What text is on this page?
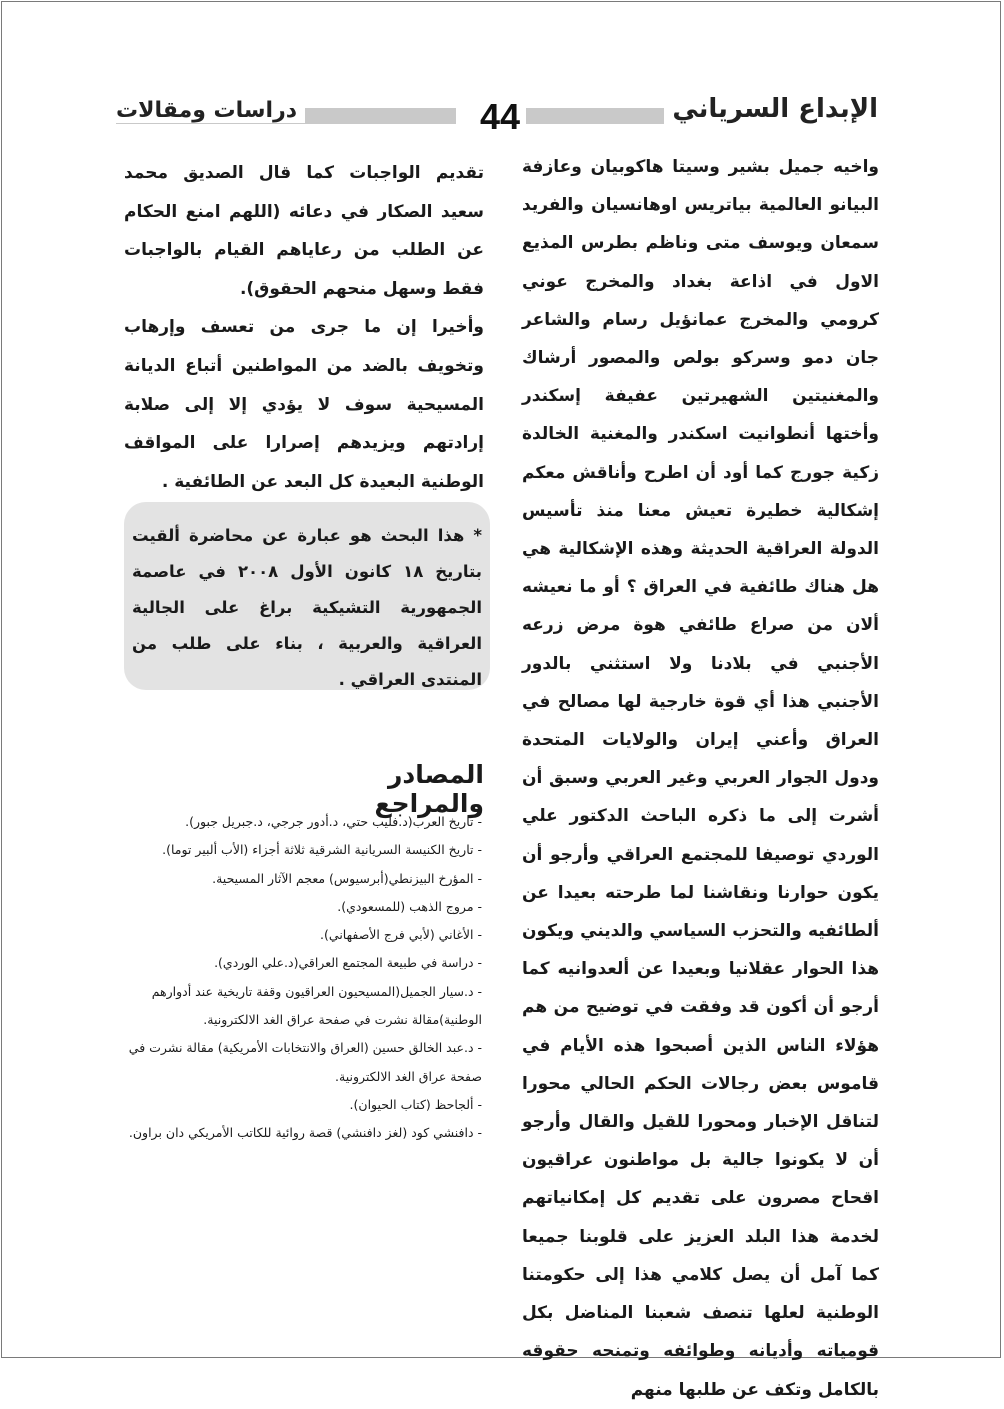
الإبداع السرياني
44
دراسات ومقالات

واخيه جميل بشير وسيتا هاكوبيان وعازفة البيانو العالمية بياتريس اوهانسيان والفريد سمعان ويوسف متى وناظم بطرس المذيع الاول في اذاعة بغداد والمخرج عوني كرومي والمخرج عمانؤيل رسام والشاعر جان دمو وسركو بولص والمصور أرشاك والمغنيتين الشهيرتين عفيفة إسكندر وأختها أنطوانيت اسكندر والمغنية الخالدة زكية جورج كما أود أن اطرح وأناقش معكم إشكالية خطيرة تعيش معنا منذ تأسيس الدولة العراقية الحديثة وهذه الإشكالية هي هل هناك طائفية في العراق ؟ أو ما نعيشه ألان من صراع طائفي هوة مرض زرعه الأجنبي في بلادنا ولا استثني بالدور الأجنبي هذا أي قوة خارجية لها مصالح في العراق وأعني إيران والولايات المتحدة ودول الجوار العربي وغير العربي وسبق أن أشرت إلى ما ذكره الباحث الدكتور علي الوردي توصيفا للمجتمع العراقي وأرجو أن يكون حوارنا ونقاشنا لما طرحته بعيدا عن ألطائفيه والتحزب السياسي والديني ويكون هذا الحوار عقلانيا وبعيدا عن ألعدوانيه كما أرجو أن أكون قد وفقت في توضيح من هم هؤلاء الناس الذين أصبحوا هذه الأيام في قاموس بعض رجالات الحكم الحالي محورا لتناقل الإخبار ومحورا للقيل والقال وأرجو أن لا يكونوا جالية بل مواطنون عراقيون اقحاح مصرون على تقديم كل إمكانياتهم لخدمة هذا البلد العزيز على قلوبنا جميعا كما آمل أن يصل كلامي هذا إلى حكومتنا الوطنية لعلها تنصف شعبنا المناضل بكل قومياته وأديانه وطوائفه وتمنحه حقوقه بالكامل وتكف عن طلبها منهم

تقديم الواجبات كما قال الصديق محمد سعيد الصكار في دعائه (اللهم امنع الحكام عن الطلب من رعاياهم القيام بالواجبات فقط وسهل منحهم الحقوق).

وأخيرا إن ما جرى من تعسف وإرهاب وتخويف بالضد من المواطنين أتباع الديانة المسيحية سوف لا يؤدي إلا إلى صلابة إرادتهم ويزيدهم إصرارا على المواقف الوطنية البعيدة كل البعد عن الطائفية .

* هذا البحث هو عبارة عن محاضرة ألقيت بتاريخ ١٨ كانون الأول ٢٠٠٨ في عاصمة الجمهورية التشيكية براغ على الجالية العراقية والعربية ، بناء على طلب من المنتدى العراقي .
المصادر والمراجع
- تاريخ العرب(د.فليب حتي، د.أدور جرجي، د.جبريل جبور).
- تاريخ الكنيسة السريانية الشرقية ثلاثة أجزاء (الأب ألبير توما).
- المؤرخ البيزنطي(أبرسيوس) معجم الآثار المسيحية.
- مروج الذهب (للمسعودي).
- الأغاني (لأبي فرج الأصفهاني).
- دراسة في طبيعة المجتمع العراقي(د.علي الوردي).
- د.سيار الجميل(المسيحيون العراقيون وقفة تاريخية عند أدوارهم الوطنية)مقالة نشرت في صفحة عراق الغد الالكترونية.
- د.عبد الخالق حسين (العراق والانتخابات الأمريكية) مقالة نشرت في صفحة عراق الغد الالكترونية.
- ألجاحظ (كتاب الحيوان).
- دافنشي كود (لغز دافنشي) قصة روائية للكاتب الأمريكي دان براون.
